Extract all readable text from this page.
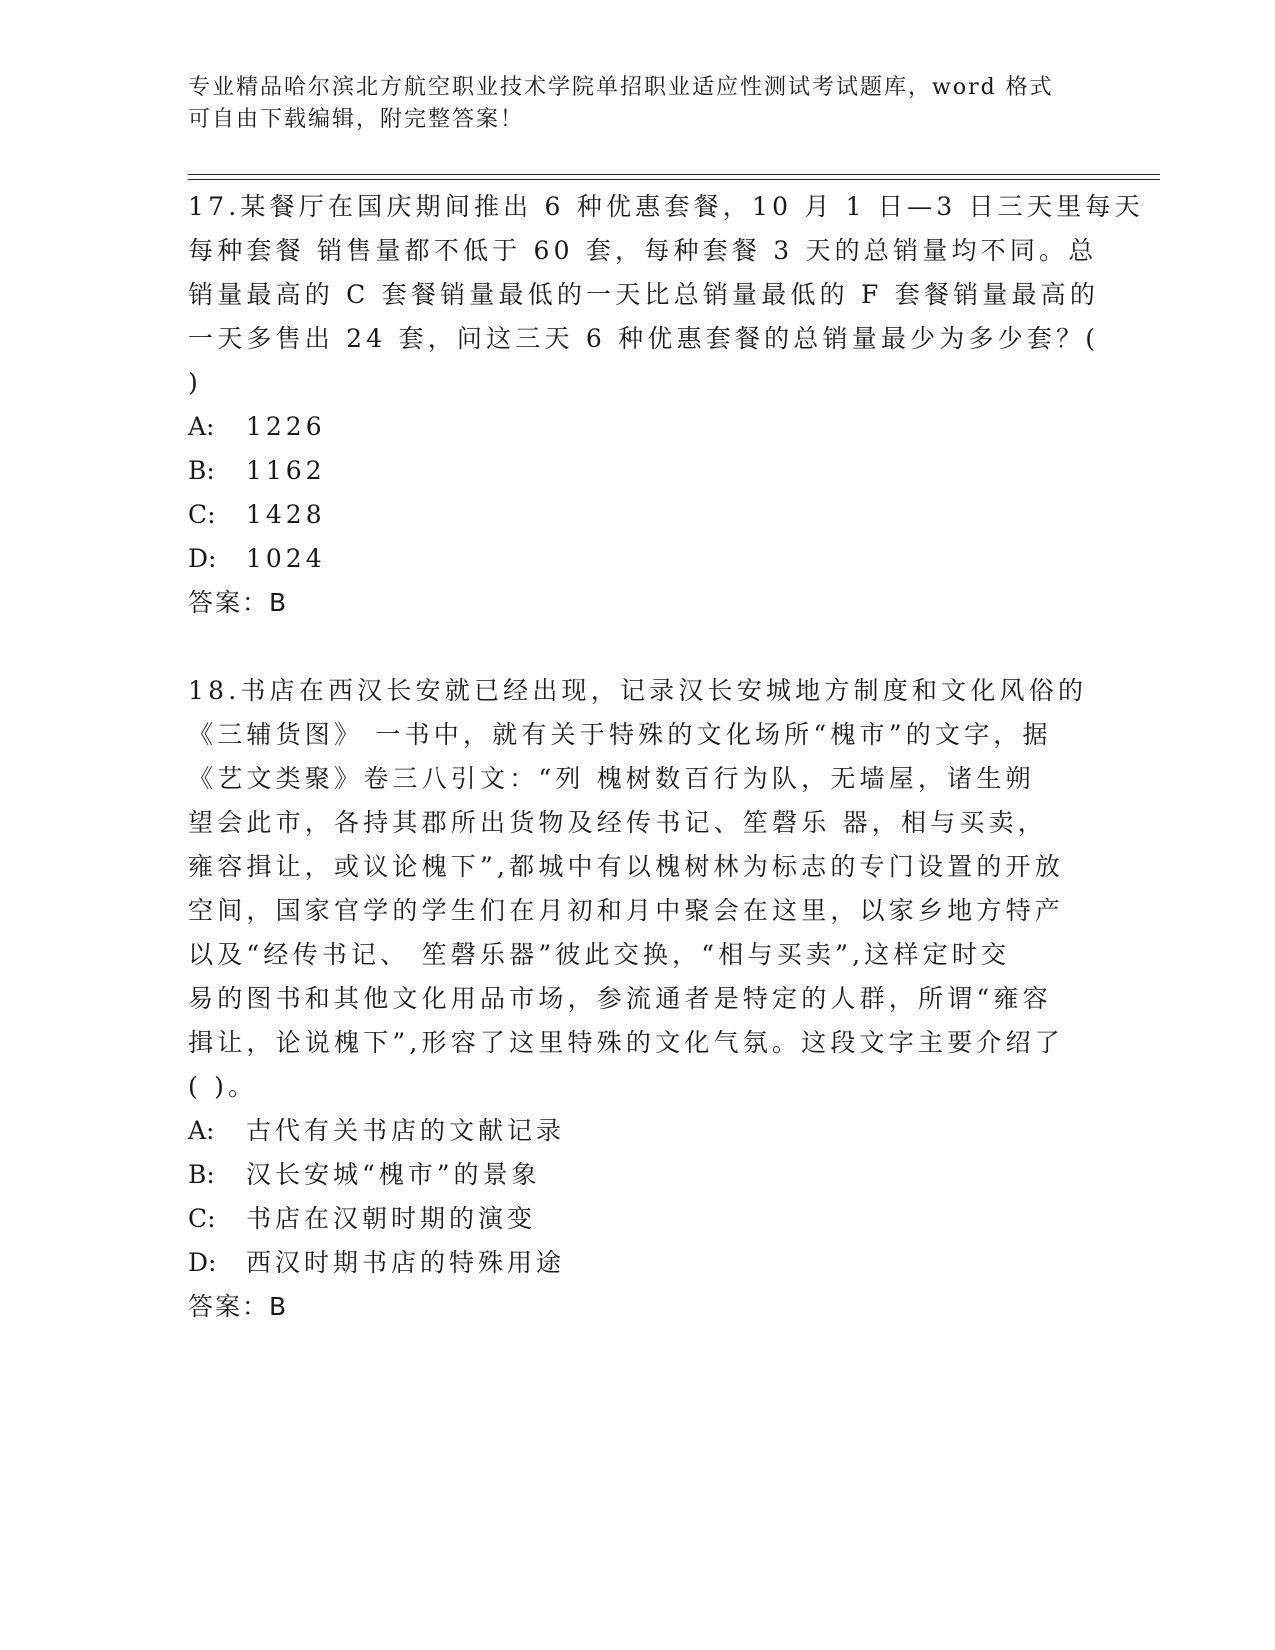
专业精品哈尔滨北方航空职业技术学院单招职业适应性测试考试题库，word 格式
可自由下载编辑，附完整答案！
17.某餐厅在国庆期间推出 6 种优惠套餐，10 月 1 日—3 日三天里每天
每种套餐 销售量都不低于 60 套，每种套餐 3 天的总销量均不同。总
销量最高的 C 套餐销量最低的一天比总销量最低的 F 套餐销量最高的
一天多售出 24 套，问这三天 6 种优惠套餐的总销量最少为多少套？(
)
A: 1226
B: 1162
C: 1428
D: 1024
答案：B
18.书店在西汉长安就已经出现，记录汉长安城地方制度和文化风俗的
《三辅货图》 一书中，就有关于特殊的文化场所“槐市”的文字，据
《艺文类聚》卷三八引文：“列 槐树数百行为队，无墙屋，诸生朔
望会此市，各持其郡所出货物及经传书记、笙磬乐 器，相与买卖，
雍容揖让，或议论槐下”,都城中有以槐树林为标志的专门设置的开放
空间，国家官学的学生们在月初和月中聚会在这里，以家乡地方特产
以及“经传书记、 笙磬乐器”彼此交换，“相与买卖”,这样定时交
易的图书和其他文化用品市场，参流通者是特定的人群，所谓“雍容
揖让，论说槐下”,形容了这里特殊的文化气氛。这段文字主要介绍了
( )。
A: 古代有关书店的文献记录
B: 汉长安城“槐市”的景象
C: 书店在汉朝时期的演变
D: 西汉时期书店的特殊用途
答案：B
